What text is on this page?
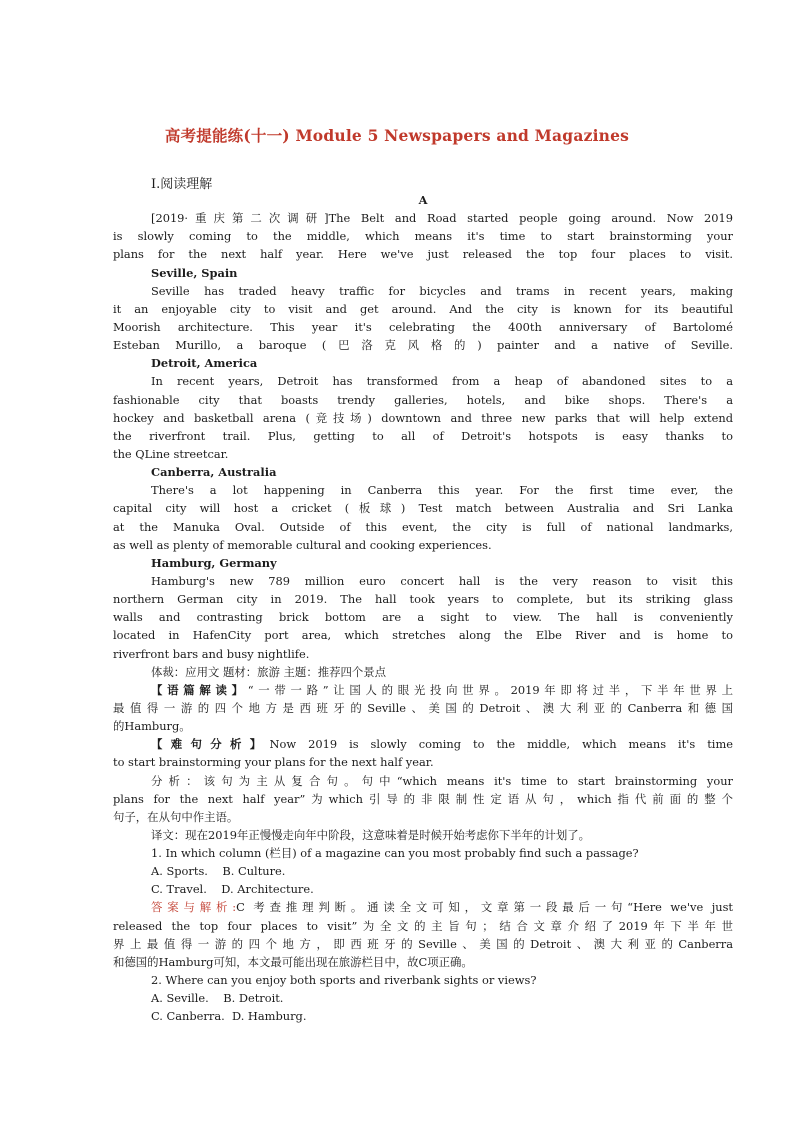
高考提能练(十一) Module 5 Newspapers and Magazines
Ⅰ.阅读理解
A
[2019·重庆第二次调研]The Belt and Road started people going around. Now 2019
is slowly coming to the middle, which means it's time to start brainstorming your
plans for the next half year. Here we've just released the top four places to visit.
Seville, Spain
Seville has traded heavy traffic for bicycles and trams in recent years, making
it an enjoyable city to visit and get around. And the city is known for its beautiful
Moorish architecture. This year it's celebrating the 400th anniversary of Bartolomé
Esteban Murillo, a baroque (巴洛克风格的) painter and a native of Seville.
Detroit, America
In recent years, Detroit has transformed from a heap of abandoned sites to a
fashionable city that boasts trendy galleries, hotels, and bike shops. There's a
hockey and basketball arena (竞技场) downtown and three new parks that will help extend
the riverfront trail. Plus, getting to all of Detroit's hotspots is easy thanks to
the QLine streetcar.
Canberra, Australia
There's a lot happening in Canberra this year. For the first time ever, the
capital city will host a cricket (板球) Test match between Australia and Sri Lanka
at the Manuka Oval. Outside of this event, the city is full of national landmarks,
as well as plenty of memorable cultural and cooking experiences.
Hamburg, Germany
Hamburg's new 789 million euro concert hall is the very reason to visit this
northern German city in 2019. The hall took years to complete, but its striking glass
walls and contrasting brick bottom are a sight to view. The hall is conveniently
located in HafenCity port area, which stretches along the Elbe River and is home to
riverfront bars and busy nightlife.
体裁：应用文 题材：旅游 主题：推荐四个景点
【语篇解读】“一带一路”让国人的眼光投向世界。2019年即将过半，下半年世界上
最值得一游的四个地方是西班牙的Seville、美国的Detroit、澳大利亚的Canberra和德国
的Hamburg。
【难句分析】Now 2019 is slowly coming to the middle, which means it's time
to start brainstorming your plans for the next half year.
分析：该句为主从复合句。句中“which means it's time to start brainstorming your
plans for the next half year”为which引导的非限制性定语从句，which指代前面的整个
句子，在从句中作主语。
译文：现在2019年正慢慢走向年中阶段，这意味着是时候开始考虑你下半年的计划了。
1. In which column (栏目) of a magazine can you most probably find such a passage?
A. Sports.    B. Culture.
C. Travel.    D. Architecture.
答案与解析:C 考查推理判断。通读全文可知，文章第一段最后一句“Here we've just
released the top four places to visit”为全文的主旨句；结合文章介绍了2019年下半年世
界上最值得一游的四个地方，即西班牙的Seville、美国的Detroit、澳大利亚的Canberra
和德国的Hamburg可知，本文最可能出现在旅游栏目中，故C项正确。
2. Where can you enjoy both sports and riverbank sights or views?
A. Seville.    B. Detroit.
C. Canberra.  D. Hamburg.
